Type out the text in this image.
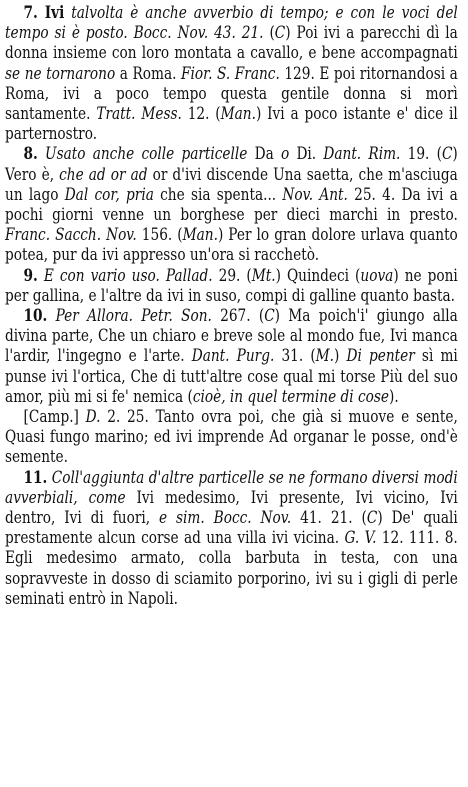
7. Ivi talvolta è anche avverbio di tempo; e con le voci del tempo si è posto. Bocc. Nov. 43. 21. (C) Poi ivi a parecchi dì la donna insieme con loro montata a cavallo, e bene accompagnati se ne tornarono a Roma. Fior. S. Franc. 129. E poi ritornandosi a Roma, ivi a poco tempo questa gentile donna si morì santamente. Tratt. Mess. 12. (Man.) Ivi a poco istante e' dice il parternostro.

8. Usato anche colle particelle Da o Di. Dant. Rim. 19. (C) Vero è, che ad or ad or d'ivi discende Una saetta, che m'asciuga un lago Dal cor, pria che sia spenta... Nov. Ant. 25. 4. Da ivi a pochi giorni venne un borghese per dieci marchi in presto. Franc. Sacch. Nov. 156. (Man.) Per lo gran dolore urlava quanto potea, pur da ivi appresso un'ora si racchetò.

9. E con vario uso. Pallad. 29. (Mt.) Quindeci (uova) ne poni per gallina, e l'altre da ivi in suso, compi di galline quanto basta.

10. Per Allora. Petr. Son. 267. (C) Ma poich'i' giungo alla divina parte, Che un chiaro e breve sole al mondo fue, Ivi manca l'ardir, l'ingegno e l'arte. Dant. Purg. 31. (M.) Di penter sì mi punse ivi l'ortica, Che di tutt'altre cose qual mi torse Più del suo amor, più mi si fe' nemica (cioè, in quel termine di cose).

[Camp.] D. 2. 25. Tanto ovra poi, che già si muove e sente, Quasi fungo marino; ed ivi imprende Ad organar le posse, ond'è semente.

11. Coll'aggiunta d'altre particelle se ne formano diversi modi avverbiali, come Ivi medesimo, Ivi presente, Ivi vicino, Ivi dentro, Ivi di fuori, e sim. Bocc. Nov. 41. 21. (C) De' quali prestamente alcun corse ad una villa ivi vicina. G. V. 12. 111. 8. Egli medesimo armato, colla barbuta in testa, con una sopravveste in dosso di sciamito porporino, ivi su i gigli di perle seminati entrò in Napoli.
